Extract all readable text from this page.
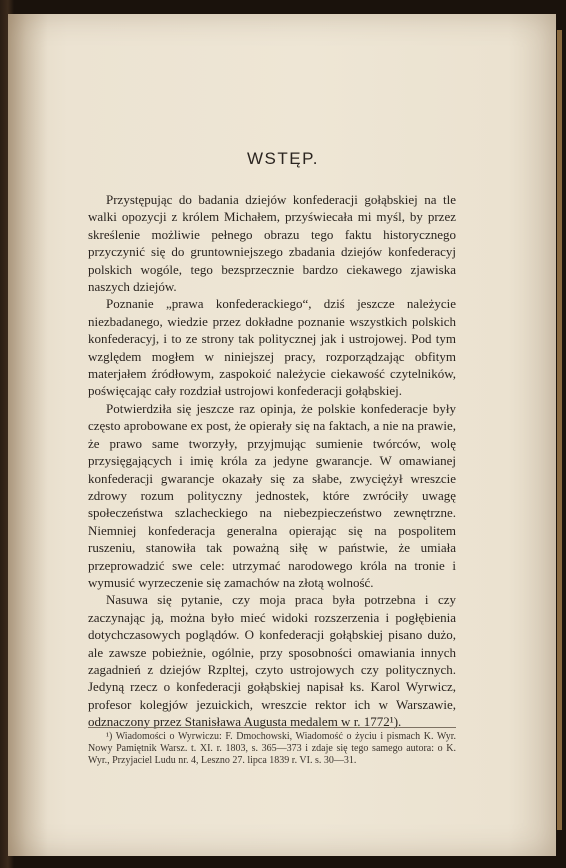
WSTĘP.

Przystępując do badania dziejów konfederacji gołąbskiej na tle walki opozycji z królem Michałem, przyświecała mi myśl, by przez skreślenie możliwie pełnego obrazu tego faktu historycznego przyczynić się do gruntowniejszego zbadania dziejów konfederacyj polskich wogóle, tego bezsprzecznie bardzo ciekawego zjawiska naszych dziejów.

Poznanie „prawa konfederackiego“, dziś jeszcze należycie niezbadanego, wiedzie przez dokładne poznanie wszystkich polskich konfederacyj, i to ze strony tak politycznej jak i ustrojowej. Pod tym względem mogłem w niniejszej pracy, rozporządzając obfitym materjałem źródłowym, zaspokoić należycie ciekawość czytelników, poświęcając cały rozdział ustrojowi konfederacji gołąbskiej.

Potwierdziła się jeszcze raz opinja, że polskie konfederacje były często aprobowane ex post, że opierały się na faktach, a nie na prawie, że prawo same tworzyły, przyjmując sumienie twórców, wolę przysięgających i imię króla za jedyne gwarancje. W omawianej konfederacji gwarancje okazały się za słabe, zwyciężył wreszcie zdrowy rozum polityczny jednostek, które zwróciły uwagę społeczeństwa szlacheckiego na niebezpieczeństwo zewnętrzne. Niemniej konfederacja generalna opierając się na pospolitem ruszeniu, stanowiła tak poważną siłę w państwie, że umiała przeprowadzić swe cele: utrzymać narodowego króla na tronie i wymusić wyrzeczenie się zamachów na złotą wolność.

Nasuwa się pytanie, czy moja praca była potrzebna i czy zaczynając ją, można było mieć widoki rozszerzenia i pogłębienia dotychczasowych poglądów. O konfederacji gołąbskiej pisano dużo, ale zawsze pobieżnie, ogólnie, przy sposobności omawiania innych zagadnień z dziejów Rzpltej, czyto ustrojowych czy politycznych. Jedyną rzecz o konfederacji gołąbskiej napisał ks. Karol Wyrwicz, profesor kolegjów jezuickich, wreszcie rektor ich w Warszawie, odznaczony przez Stanisława Augusta medalem w r. 1772¹).

¹) Wiadomości o Wyrwiczu: F. Dmochowski, Wiadomość o życiu i pismach K. Wyr. Nowy Pamiętnik Warsz. t. XI. r. 1803, s. 365—373 i zdaje się tego samego autora: o K. Wyr., Przyjaciel Ludu nr. 4, Leszno 27. lipca 1839 r. VI. s. 30—31.
